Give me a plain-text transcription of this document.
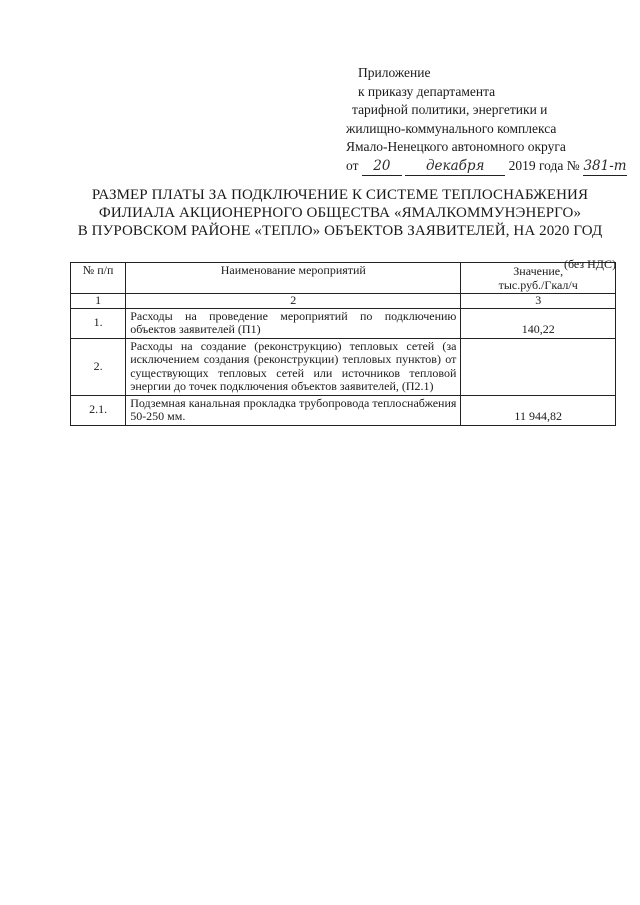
Приложение
к приказу департамента
тарифной политики, энергетики и
жилищно-коммунального комплекса
Ямало-Ненецкого автономного округа
от 20	декабря 2019 года № 381-т
РАЗМЕР ПЛАТЫ ЗА ПОДКЛЮЧЕНИЕ К СИСТЕМЕ ТЕПЛОСНАБЖЕНИЯ
ФИЛИАЛА АКЦИОНЕРНОГО ОБЩЕСТВА «ЯМАЛКОММУНЭНЕРГО»
В ПУРОВСКОМ РАЙОНЕ «ТЕПЛО» ОБЪЕКТОВ ЗАЯВИТЕЛЕЙ, НА 2020 ГОД
№ п/п	Наименование мероприятий	Значение,
тыс.руб./Гкал/ч

1	2	3
1.	Расходы на проведение мероприятий по подключению объектов заявителей (П1)	140,22
2.	Расходы на создание (реконструкцию) тепловых сетей (за исключением создания (реконструкции) тепловых пунктов) от существующих тепловых сетей или источников тепловой энергии до точек подключения объектов заявителей, (П2.1)	
2.1.	Подземная канальная прокладка трубопровода теплоснабжения 50-250 мм.	11 944,82
(без НДС)
